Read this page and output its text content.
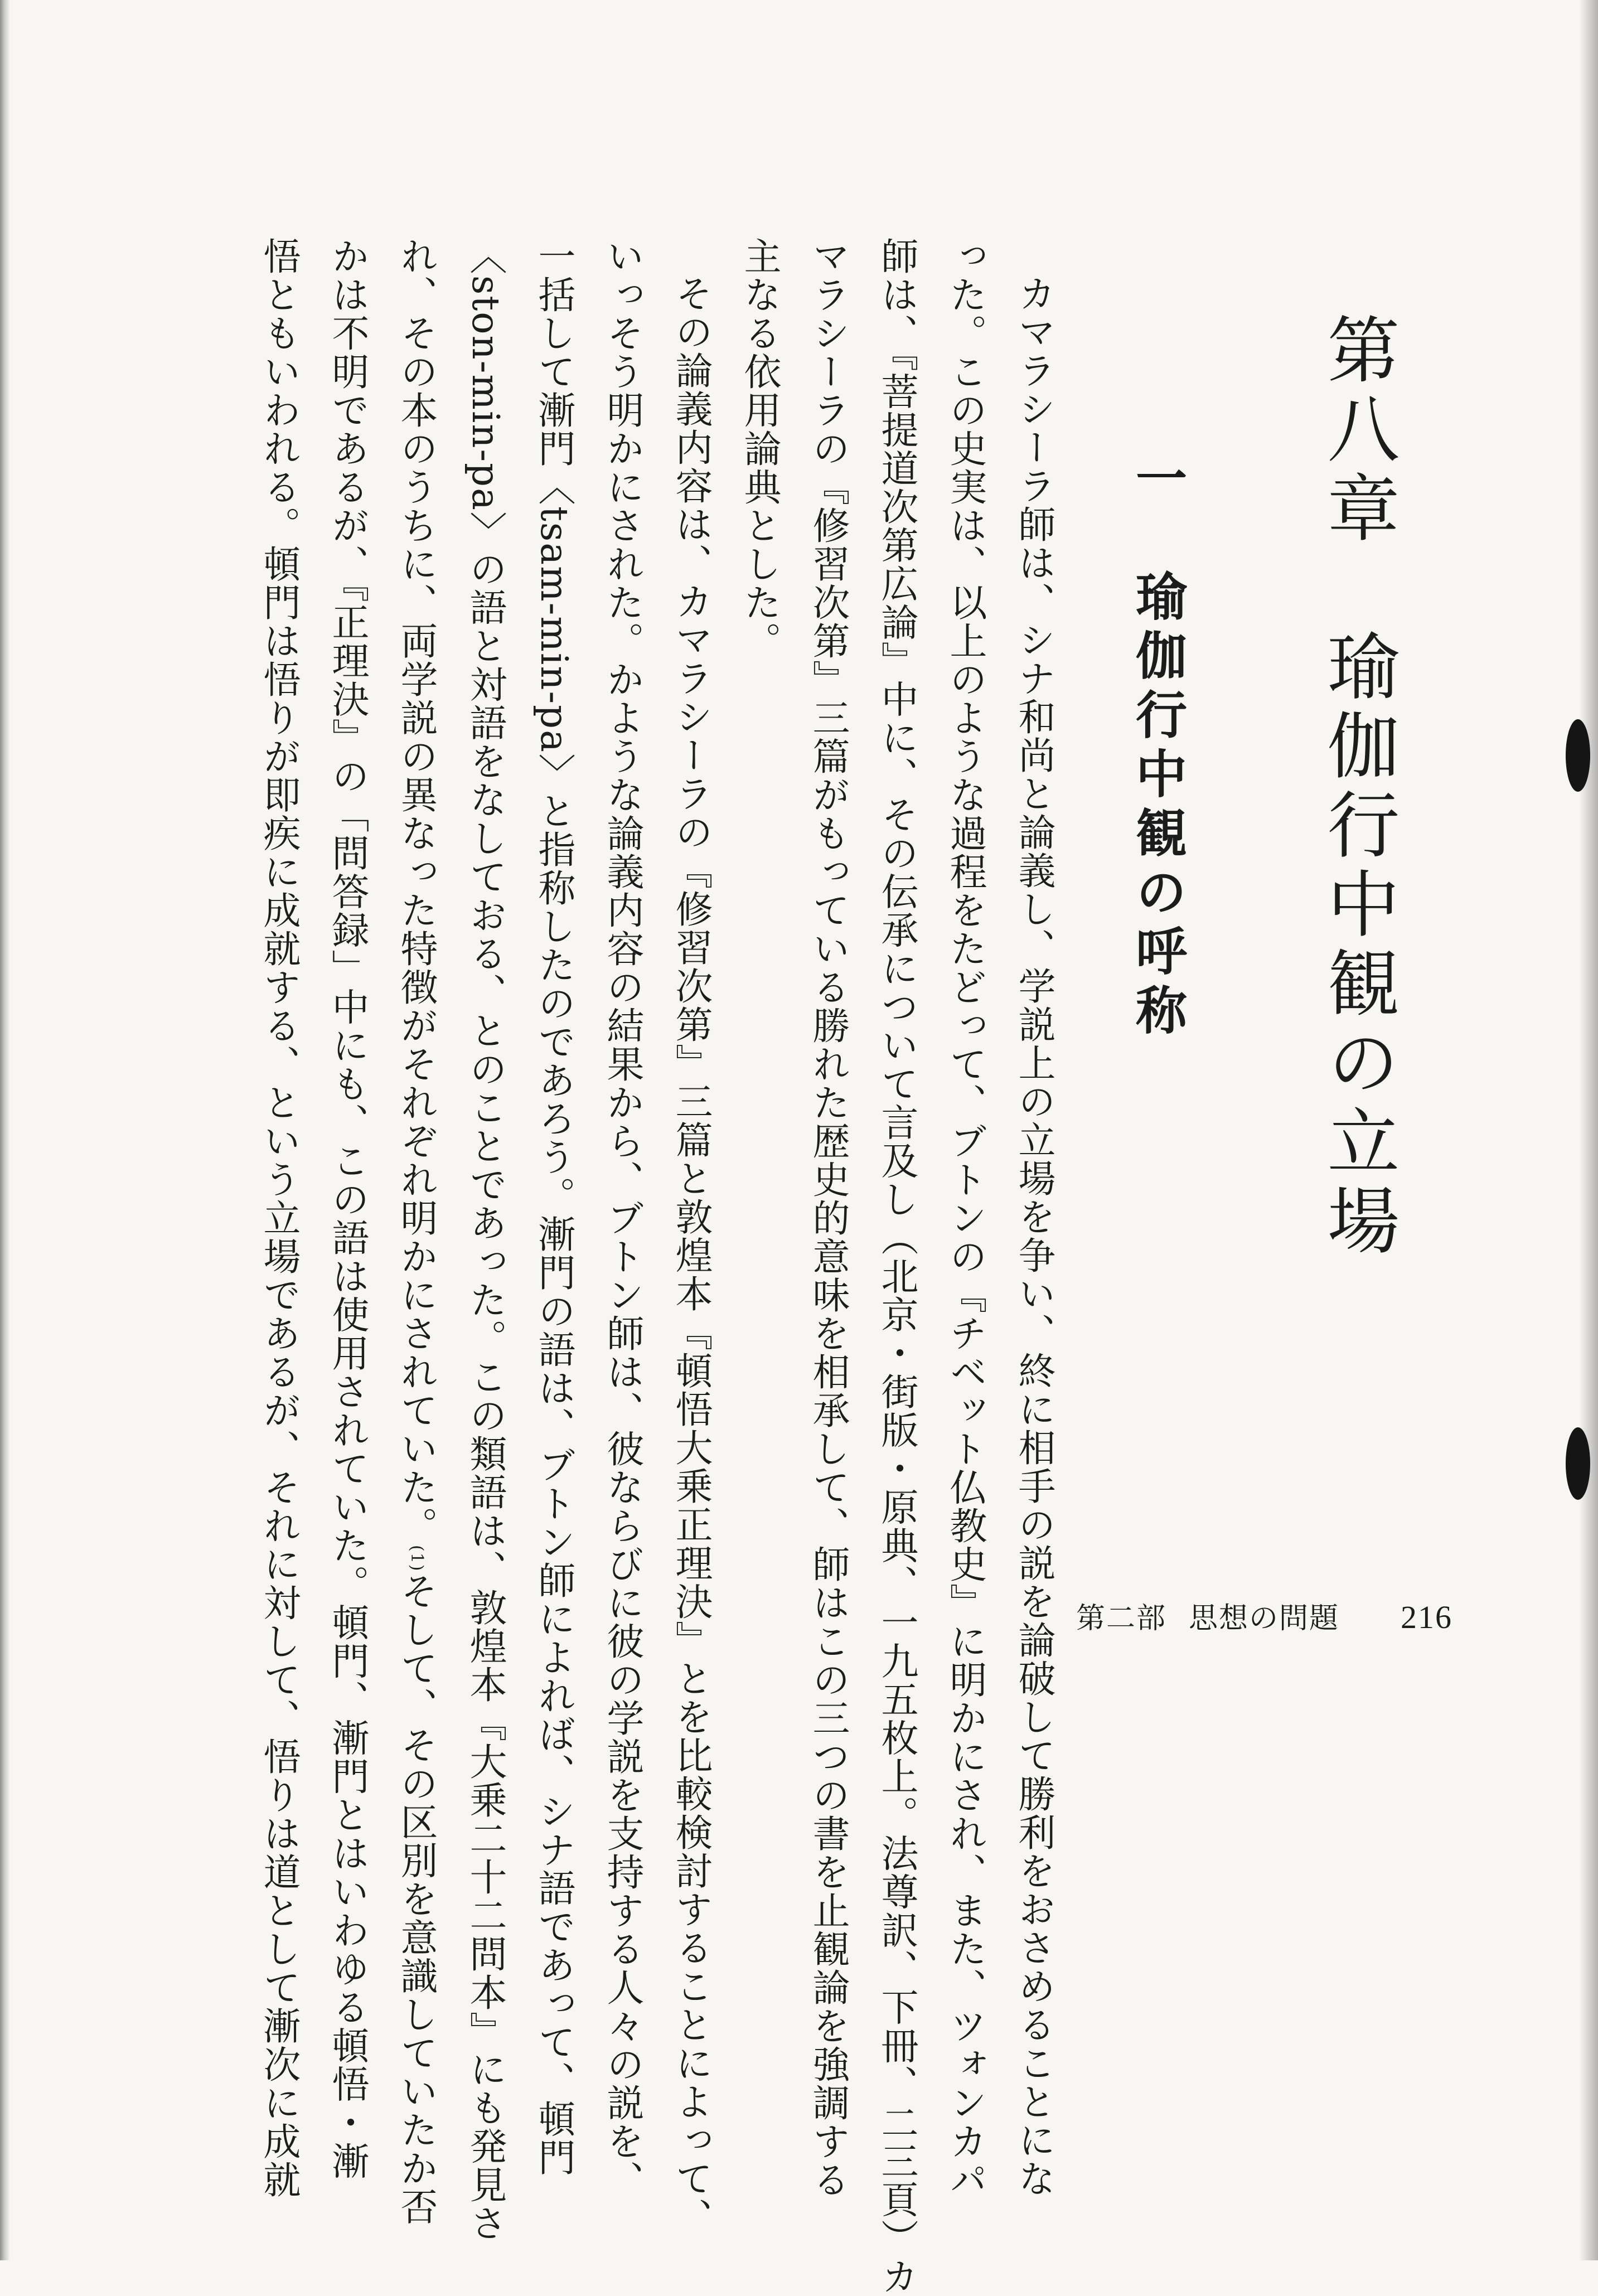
第八章　瑜伽行中観の立場
一　瑜伽行中観の呼称
カマラシーラ師は、シナ和尚と論義し、学説上の立場を争い、終に相手の説を論破して勝利をおさめることにな
った。この史実は、以上のような過程をたどって、ブトンの『チベット仏教史』に明かにされ、また、ツォンカパ
師は、『菩提道次第広論』中に、その伝承について言及し（北京・街版・原典、一九五枚上。法尊訳、下冊、二三頁）カ
マラシーラの『修習次第』三篇がもっている勝れた歴史的意味を相承して、師はこの三つの書を止観論を強調する
主なる依用論典とした。
その論義内容は、カマラシーラの『修習次第』三篇と敦煌本『頓悟大乗正理決』とを比較検討することによって、
いっそう明かにされた。かような論義内容の結果から、ブトン師は、彼ならびに彼の学説を支持する人々の説を、
一括して漸門〈tsam-min-pa〉と指称したのであろう。漸門の語は、ブトン師によれば、シナ語であって、頓門
〈ston-min-pa〉の語と対語をなしておる、とのことであった。この類語は、敦煌本『大乗二十二問本』にも発見さ
れ、その本のうちに、両学説の異なった特徴がそれぞれ明かにされていた。(1)そして、その区別を意識していたか否
かは不明であるが、『正理決』の「問答録」中にも、この語は使用されていた。頓門、漸門とはいわゆる頓悟・漸
悟ともいわれる。頓門は悟りが即疾に成就する、という立場であるが、それに対して、悟りは道として漸次に成就	第二部 思想の問題 216
